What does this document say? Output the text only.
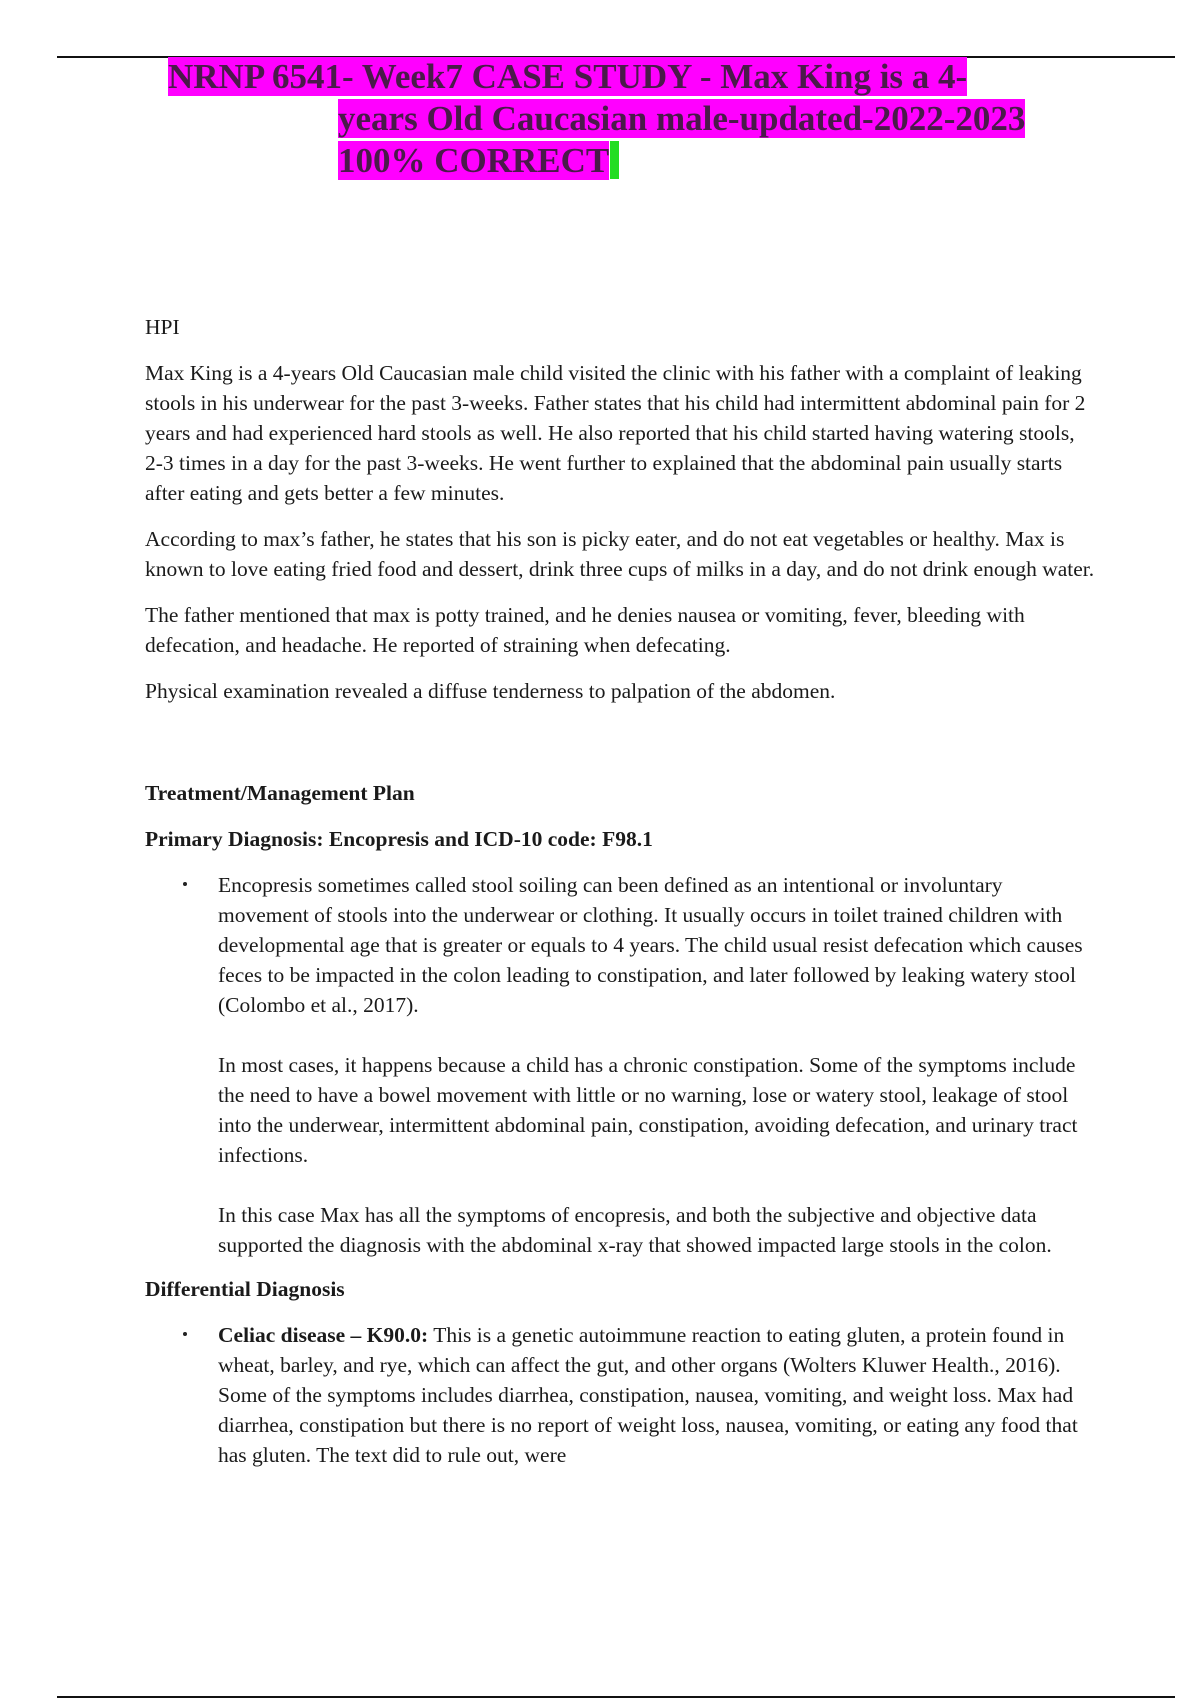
NRNP 6541- Week7 CASE STUDY - Max King is a 4-
years Old Caucasian male-updated-2022-2023
100% CORRECT

HPI

Max King is a 4-years Old Caucasian male child visited the clinic with his father with a complaint of leaking stools in his underwear for the past 3-weeks. Father states that his child had intermittent abdominal pain for 2 years and had experienced hard stools as well. He also reported that his child started having watering stools, 2-3 times in a day for the past 3-weeks. He went further to explained that the abdominal pain usually starts after eating and gets better a few minutes.

According to max’s father, he states that his son is picky eater, and do not eat vegetables or healthy. Max is known to love eating fried food and dessert, drink three cups of milks in a day, and do not drink enough water.

The father mentioned that max is potty trained, and he denies nausea or vomiting, fever, bleeding with defecation, and headache. He reported of straining when defecating.

Physical examination revealed a diffuse tenderness to palpation of the abdomen.

Treatment/Management Plan
Primary Diagnosis: Encopresis and ICD-10 code: F98.1

Encopresis sometimes called stool soiling can been defined as an intentional or involuntary movement of stools into the underwear or clothing. It usually occurs in toilet trained children with developmental age that is greater or equals to 4 years. The child usual resist defecation which causes feces to be impacted in the colon leading to constipation, and later followed by leaking watery stool (Colombo et al., 2017).

In most cases, it happens because a child has a chronic constipation. Some of the symptoms include the need to have a bowel movement with little or no warning, lose or watery stool, leakage of stool into the underwear, intermittent abdominal pain, constipation, avoiding defecation, and urinary tract infections.

In this case Max has all the symptoms of encopresis, and both the subjective and objective data supported the diagnosis with the abdominal x-ray that showed impacted large stools in the colon.

Differential Diagnosis

Celiac disease – K90.0: This is a genetic autoimmune reaction to eating gluten, a protein found in wheat, barley, and rye, which can affect the gut, and other organs (Wolters Kluwer Health., 2016). Some of the symptoms includes diarrhea, constipation, nausea, vomiting, and weight loss. Max had diarrhea, constipation but there is no report of weight loss, nausea, vomiting, or eating any food that has gluten. The text did to rule out, were
